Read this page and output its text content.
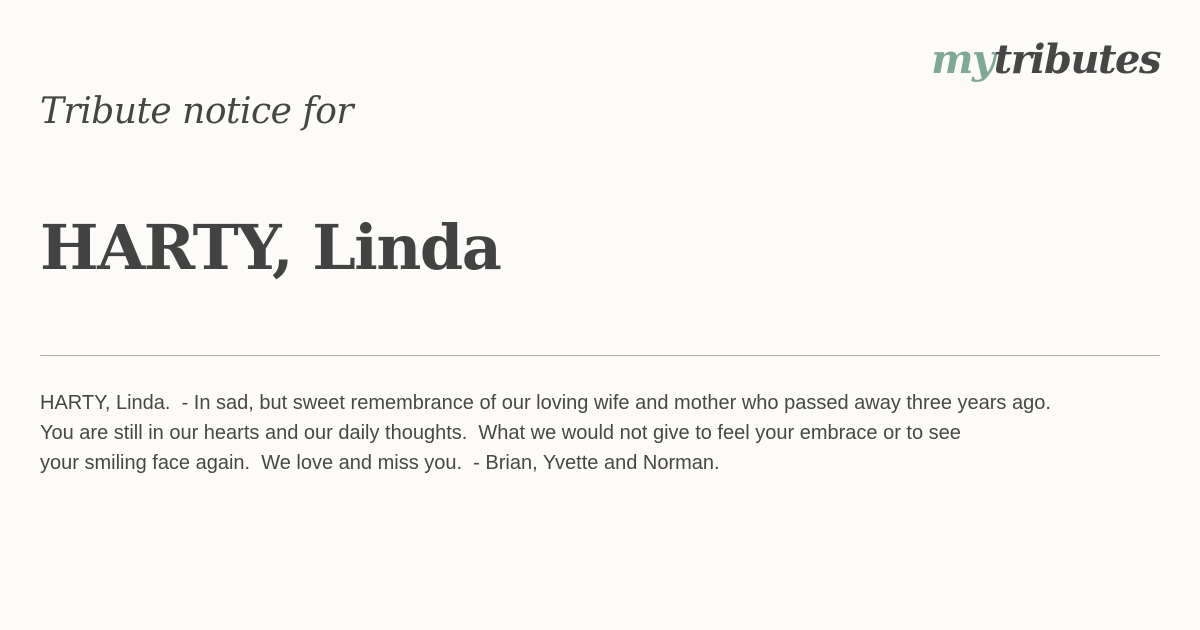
mytributes
Tribute notice for
HARTY, Linda

HARTY, Linda.  - In sad, but sweet remembrance of our loving wife and mother who passed away three years ago.
You are still in our hearts and our daily thoughts.  What we would not give to feel your embrace or to see
your smiling face again.  We love and miss you.  - Brian, Yvette and Norman.
